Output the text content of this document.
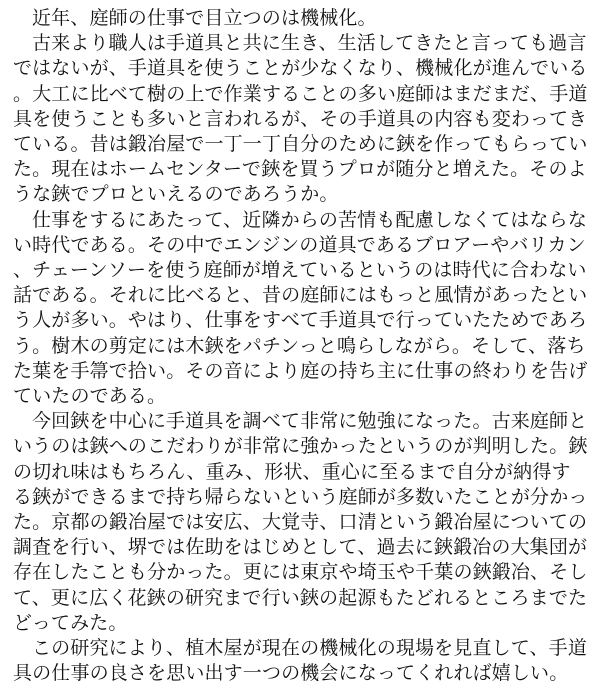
近年、庭師の仕事で目立つのは機械化。

古来より職人は手道具と共に生き、生活してきたと言っても過言ではないが、手道具を使うことが少なくなり、機械化が進んでいる。大工に比べて樹の上で作業することの多い庭師はまだまだ、手道具を使うことも多いと言われるが、その手道具の内容も変わってきている。昔は鍛冶屋で一丁一丁自分のために鋏を作ってもらっていた。現在はホームセンターで鋏を買うプロが随分と増えた。そのような鋏でプロといえるのであろうか。

仕事をするにあたって、近隣からの苦情も配慮しなくてはならない時代である。その中でエンジンの道具であるブロアーやバリカン、チェーンソーを使う庭師が増えているというのは時代に合わない話である。それに比べると、昔の庭師にはもっと風情があったという人が多い。やはり、仕事をすべて手道具で行っていたためであろう。樹木の剪定には木鋏をパチンっと鳴らしながら。そして、落ちた葉を手箒で拾い。その音により庭の持ち主に仕事の終わりを告げていたのである。

今回鋏を中心に手道具を調べて非常に勉強になった。古来庭師というのは鋏へのこだわりが非常に強かったというのが判明した。鋏の切れ味はもちろん、重み、形状、重心に至るまで自分が納得する鋏ができるまで持ち帰らないという庭師が多数いたことが分かった。京都の鍛冶屋では安広、大覚寺、口清という鍛冶屋についての調査を行い、堺では佐助をはじめとして、過去に鋏鍛冶の大集団が存在したことも分かった。更には東京や埼玉や千葉の鋏鍛冶、そして、更に広く花鋏の研究まで行い鋏の起源もたどれるところまでたどってみた。

この研究により、植木屋が現在の機械化の現場を見直して、手道具の仕事の良さを思い出す一つの機会になってくれれば嬉しい。
